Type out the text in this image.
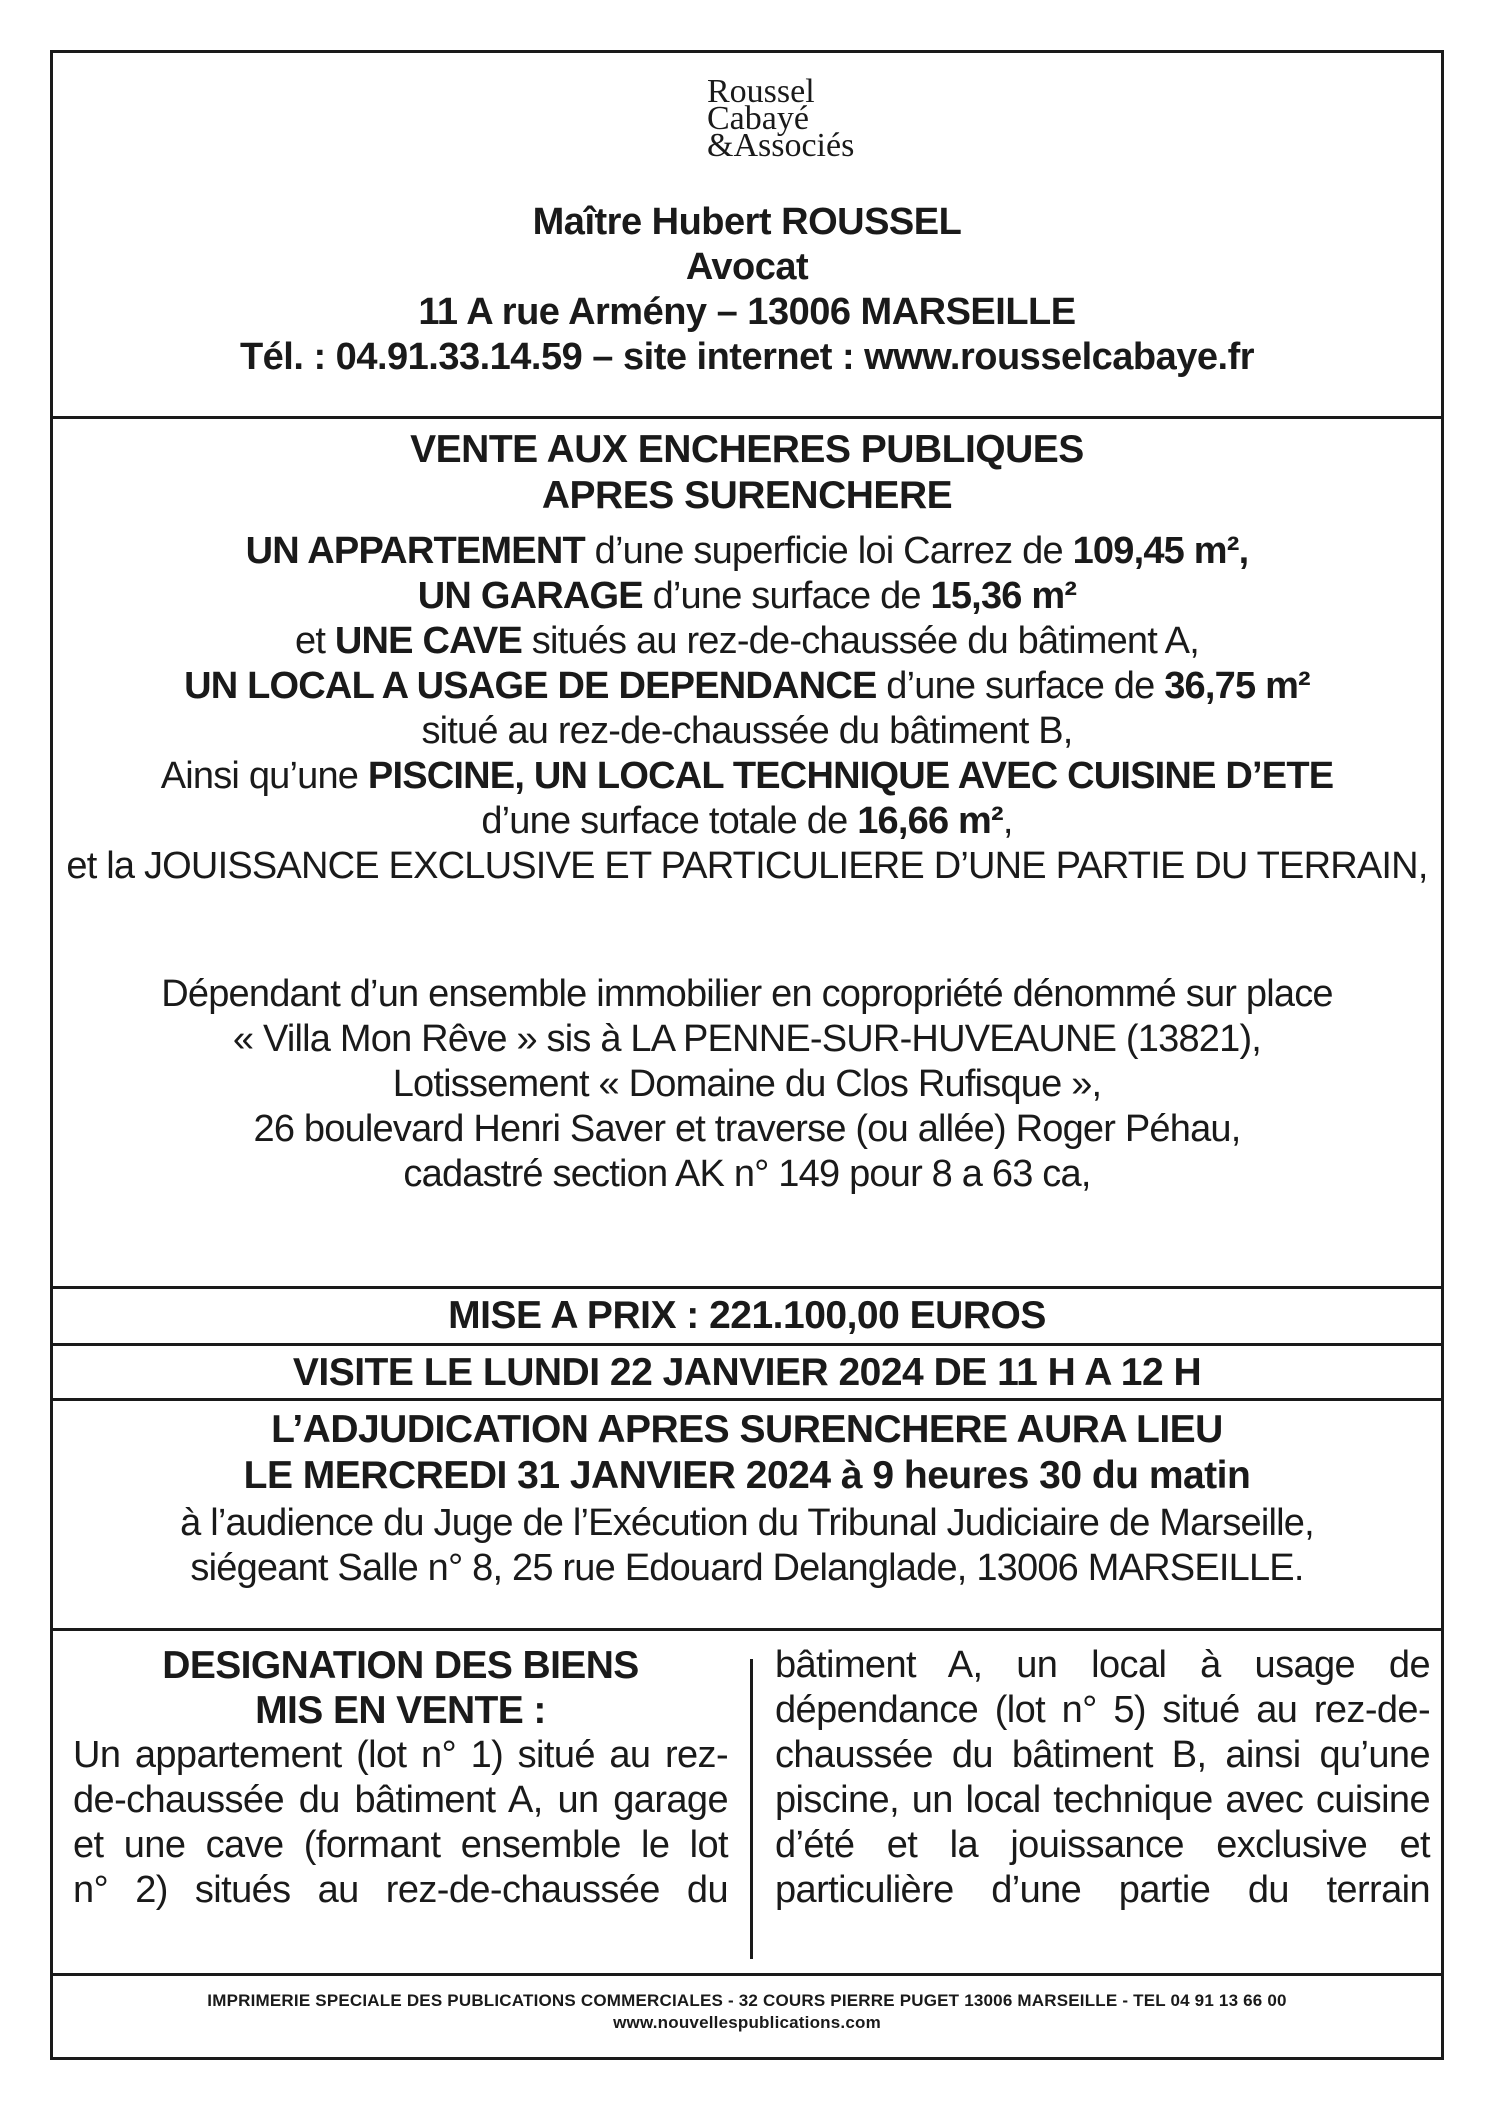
Roussel
Cabayé
&Associés
Maître Hubert ROUSSEL
Avocat
11 A rue Armény – 13006 MARSEILLE
Tél. : 04.91.33.14.59 – site internet : www.rousselcabaye.fr
VENTE AUX ENCHERES PUBLIQUES
APRES SURENCHERE
UN APPARTEMENT d’une superficie loi Carrez de 109,45 m²,
UN GARAGE d’une surface de 15,36 m²
et UNE CAVE situés au rez-de-chaussée du bâtiment A,
UN LOCAL A USAGE DE DEPENDANCE d’une surface de 36,75 m²
situé au rez-de-chaussée du bâtiment B,
Ainsi qu’une PISCINE, UN LOCAL TECHNIQUE AVEC CUISINE D’ETE
d’une surface totale de 16,66 m²,
et la JOUISSANCE EXCLUSIVE ET PARTICULIERE D’UNE PARTIE DU TERRAIN,
Dépendant d’un ensemble immobilier en copropriété dénommé sur place
« Villa Mon Rêve » sis à LA PENNE-SUR-HUVEAUNE (13821),
Lotissement « Domaine du Clos Rufisque »,
26 boulevard Henri Saver et traverse (ou allée) Roger Péhau,
cadastré section AK n° 149 pour 8 a 63 ca,
MISE A PRIX : 221.100,00 EUROS
VISITE LE LUNDI 22 JANVIER 2024 DE 11 H A 12 H
L’ADJUDICATION APRES SURENCHERE AURA LIEU
LE MERCREDI 31 JANVIER 2024 à 9 heures 30 du matin
à l’audience du Juge de l’Exécution du Tribunal Judiciaire de Marseille,
siégeant Salle n° 8, 25 rue Edouard Delanglade, 13006 MARSEILLE.
DESIGNATION DES BIENS
MIS EN VENTE :
Un appartement (lot n° 1) situé au rez-
de-chaussée du bâtiment A, un garage
et une cave (formant ensemble le lot
n° 2) situés au rez-de-chaussée du
bâtiment A, un local à usage de
dépendance (lot n° 5) situé au rez-de-
chaussée du bâtiment B, ainsi qu’une
piscine, un local technique avec cuisine
d’été et la jouissance exclusive et
particulière d’une partie du terrain
IMPRIMERIE SPECIALE DES PUBLICATIONS COMMERCIALES - 32 COURS PIERRE PUGET 13006 MARSEILLE - TEL 04 91 13 66 00
www.nouvellespublications.com
